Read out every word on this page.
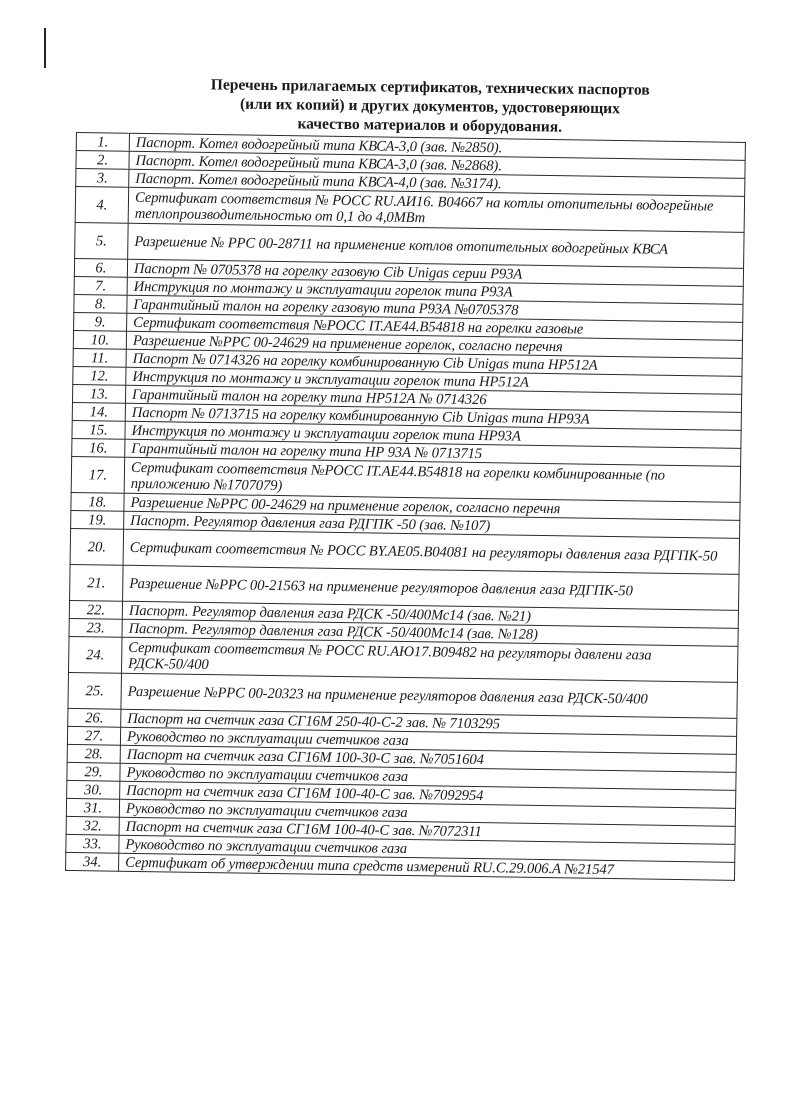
Перечень прилагаемых сертификатов, технических паспортов
(или их копий) и других документов, удостоверяющих
качество материалов и оборудования.
1.	Паспорт. Котел водогрейный типа КВСА-3,0 (зав. №2850).
2.	Паспорт. Котел водогрейный типа КВСА-3,0 (зав. №2868).
3.	Паспорт. Котел водогрейный типа КВСА-4,0 (зав. №3174).
4.	Сертификат соответствия № РОСС RU.АИ16. В04667 на котлы отопительны водогрейные теплопроизводительностью от 0,1 до 4,0МВт
5.	Разрешение № РРС 00-28711 на применение котлов отопительных водогрейных КВСА
6.	Паспорт № 0705378 на горелку газовую Cib Unigas серии Р93А
7.	Инструкция по монтажу и эксплуатации горелок типа Р93А
8.	Гарантийный талон на горелку газовую типа Р93А №0705378
9.	Сертификат соответствия №РОСС IT.АЕ44.В54818 на горелки газовые
10.	Разрешение №РРС 00-24629 на применение горелок, согласно перечня
11.	Паспорт № 0714326 на горелку комбинированную Cib Unigas типа НР512А
12.	Инструкция по монтажу и эксплуатации горелок типа НР512А
13.	Гарантийный талон на горелку типа НР512А № 0714326
14.	Паспорт № 0713715 на горелку комбинированную Cib Unigas типа НР93А
15.	Инструкция по монтажу и эксплуатации горелок типа НР93А
16.	Гарантийный талон на горелку типа НР 93А № 0713715
17.	Сертификат соответствия №РОСС IT.АЕ44.В54818 на горелки комбинированные (по приложению №1707079)
18.	Разрешение №РРС 00-24629 на применение горелок, согласно перечня
19.	Паспорт. Регулятор давления газа РДГПК -50 (зав. №107)
20.	Сертификат соответствия № РОСС BY.АЕ05.В04081 на регуляторы давления газа РДГПК-50
21.	Разрешение №РРС 00-21563 на применение регуляторов давления газа РДГПК-50
22.	Паспорт. Регулятор давления газа РДСК -50/400Мс14 (зав. №21)
23.	Паспорт. Регулятор давления газа РДСК -50/400Мс14 (зав. №128)
24.	Сертификат соответствия № РОСС RU.АЮ17.В09482 на регуляторы давлени газа РДСК-50/400
25.	Разрешение №РРС 00-20323 на применение регуляторов давления газа РДСК-50/400
26.	Паспорт на счетчик газа СГ16М 250-40-С-2 зав. № 7103295
27.	Руководство по эксплуатации счетчиков газа
28.	Паспорт на счетчик газа СГ16М 100-30-С зав. №7051604
29.	Руководство по эксплуатации счетчиков газа
30.	Паспорт на счетчик газа СГ16М 100-40-С зав. №7092954
31.	Руководство по эксплуатации счетчиков газа
32.	Паспорт на счетчик газа СГ16М 100-40-С зав. №7072311
33.	Руководство по эксплуатации счетчиков газа
34.	Сертификат об утверждении типа средств измерений RU.C.29.006.A №21547
